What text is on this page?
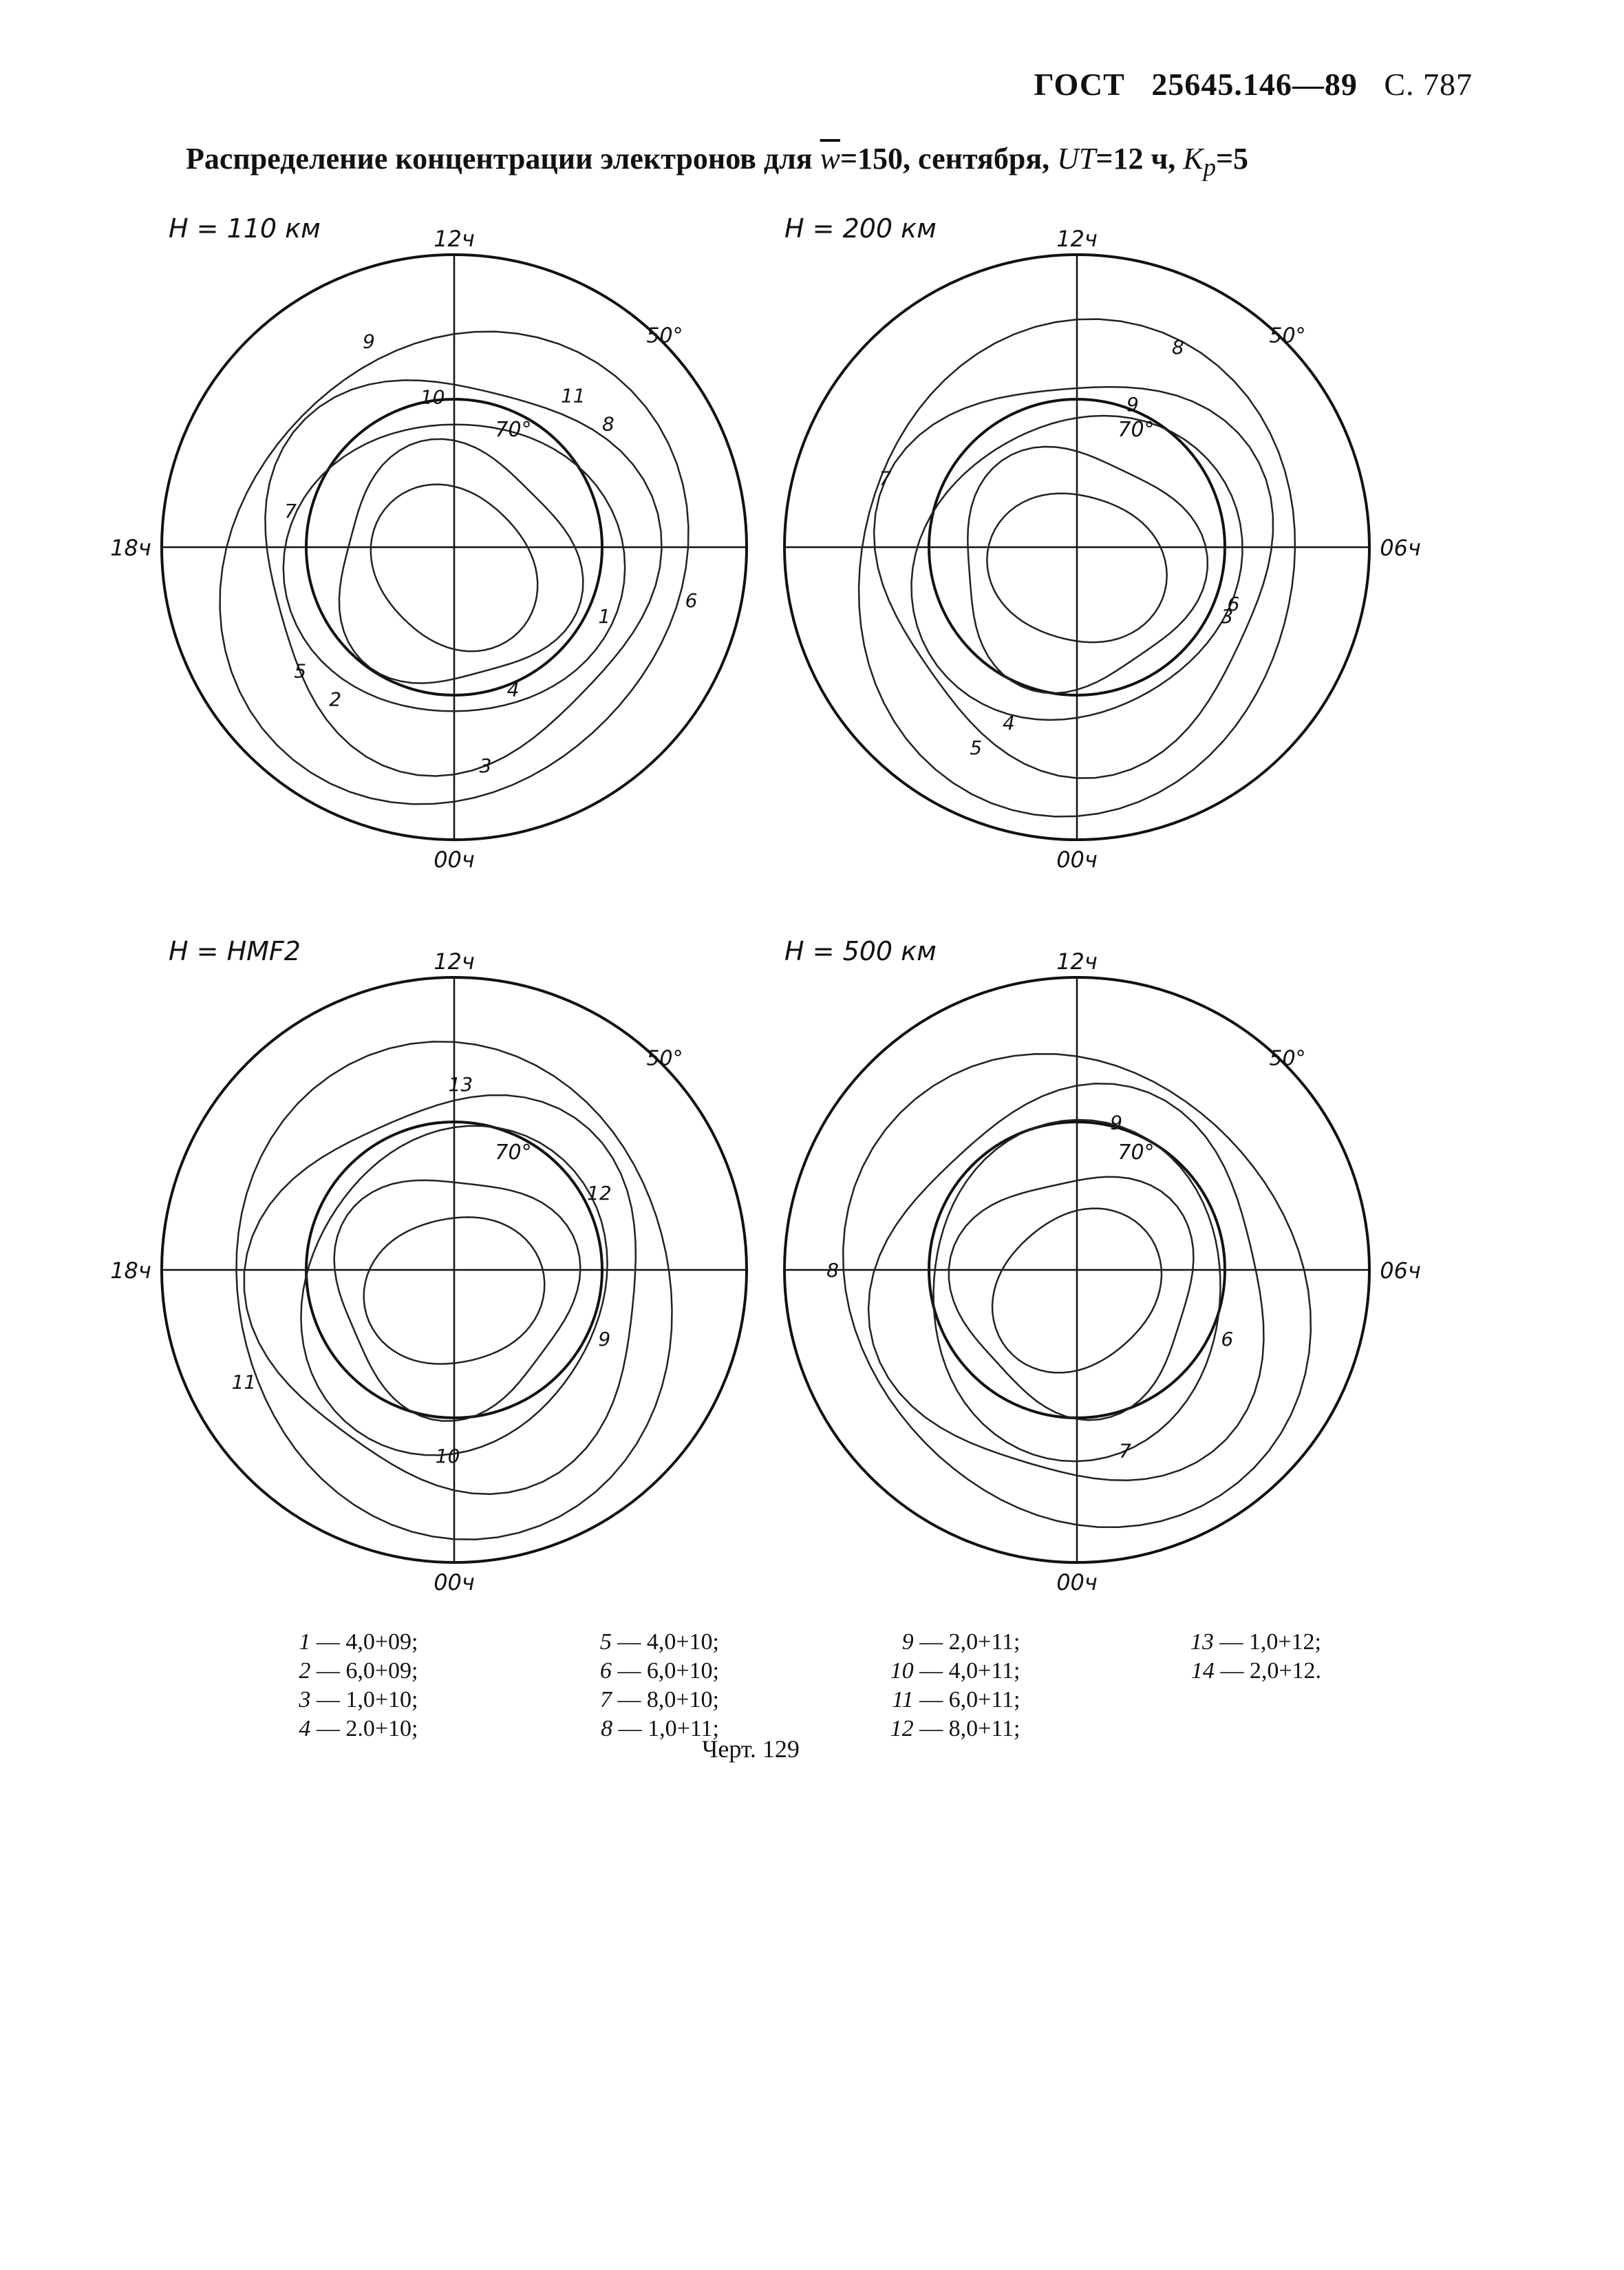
ГОСТ 25645.146—89 С. 787
Распределение концентрации электронов для $\overline{w}=150$, сентября, UT=12 ч, $K_p=5$
H = 110 км	12ч
00ч
18ч
50°
70°
1
2
3
4
5
6
7
8
9
10	11
H = 200 км	12ч
00ч
06ч
50°
70°
3
4
5
6
7
8
9
H = HMF2	12ч
00ч
18ч
50°
70°
9
10
11
12
13
H = 500 км	12ч
00ч
06ч
50°
70°
6
7
8
9
1 — 4,0+09;
2 — 6,0+09;
3 — 1,0+10;
4 — 2.0+10;
5 — 4,0+10;
6 — 6,0+10;
7 — 8,0+10;
8 — 1,0+11;
9 — 2,0+11;
10 — 4,0+11;
11 — 6,0+11;
12 — 8,0+11;
13 — 1,0+12;
14 — 2,0+12.
Черт. 129
